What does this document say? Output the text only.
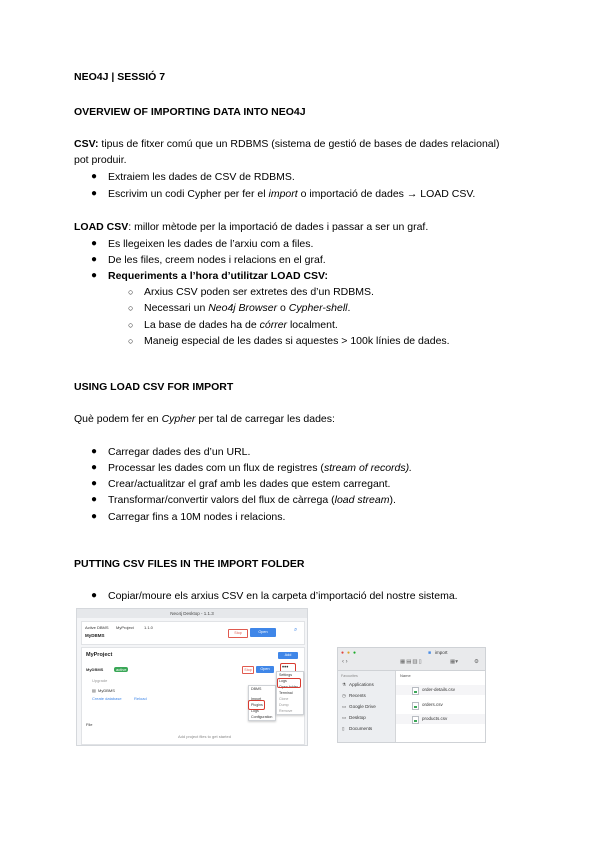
NEO4J | SESSIÓ 7
OVERVIEW OF IMPORTING DATA INTO NEO4J
CSV: tipus de fitxer comú que un RDBMS (sistema de gestió de bases de dades relacional)
pot produir.
● Extraiem les dades de CSV de RDBMS.
● Escrivim un codi Cypher per fer el import o importació de dades → LOAD CSV.
LOAD CSV: millor mètode per la importació de dades i passar a ser un graf.
● Es llegeixen les dades de l’arxiu com a files.
● De les files, creem nodes i relacions en el graf.
● Requeriments a l’hora d’utilitzar LOAD CSV:
○ Arxius CSV poden ser extretes des d’un RDBMS.
○ Necessari un Neo4j Browser o Cypher-shell.
○ La base de dades ha de córrer localment.
○ Maneig especial de les dades si aquestes > 100k línies de dades.
USING LOAD CSV FOR IMPORT
Què podem fer en Cypher per tal de carregar les dades:
● Carregar dades des d’un URL.
● Processar les dades com un flux de registres (stream of records).
● Crear/actualitzar el graf amb les dades que estem carregant.
● Transformar/convertir valors del flux de càrrega (load stream).
● Carregar fins a 10M nodes i relacions.
PUTTING CSV FILES IN THE IMPORT FOLDER
● Copiar/moure els arxius CSV en la carpeta d’importació del nostre sistema.
Neo4j Desktop - 1.1.3
Active DBMS MyProject	1.1.0
MyDBMS	Stop	Open	⌕
MyProject	Add
MyDBMS	active	Stop	Open	•••
Upgrade
▤ MyDBMS
Create database	Reload
File
Add project files to get started
DBMS
Import
Plugins
Logs
Configuration
Settings
Logs
Open folder
Terminal
Clone
Dump
Remove
● ● ●	■ import
‹ ›	▦▤▥▯	▦▾	⚙
Favourites
⚗ Applications
◷ Recents
▭ Google Drive
▭ Desktop
▯ Documents
Name
order-details.csv
orders.csv
products.csv
